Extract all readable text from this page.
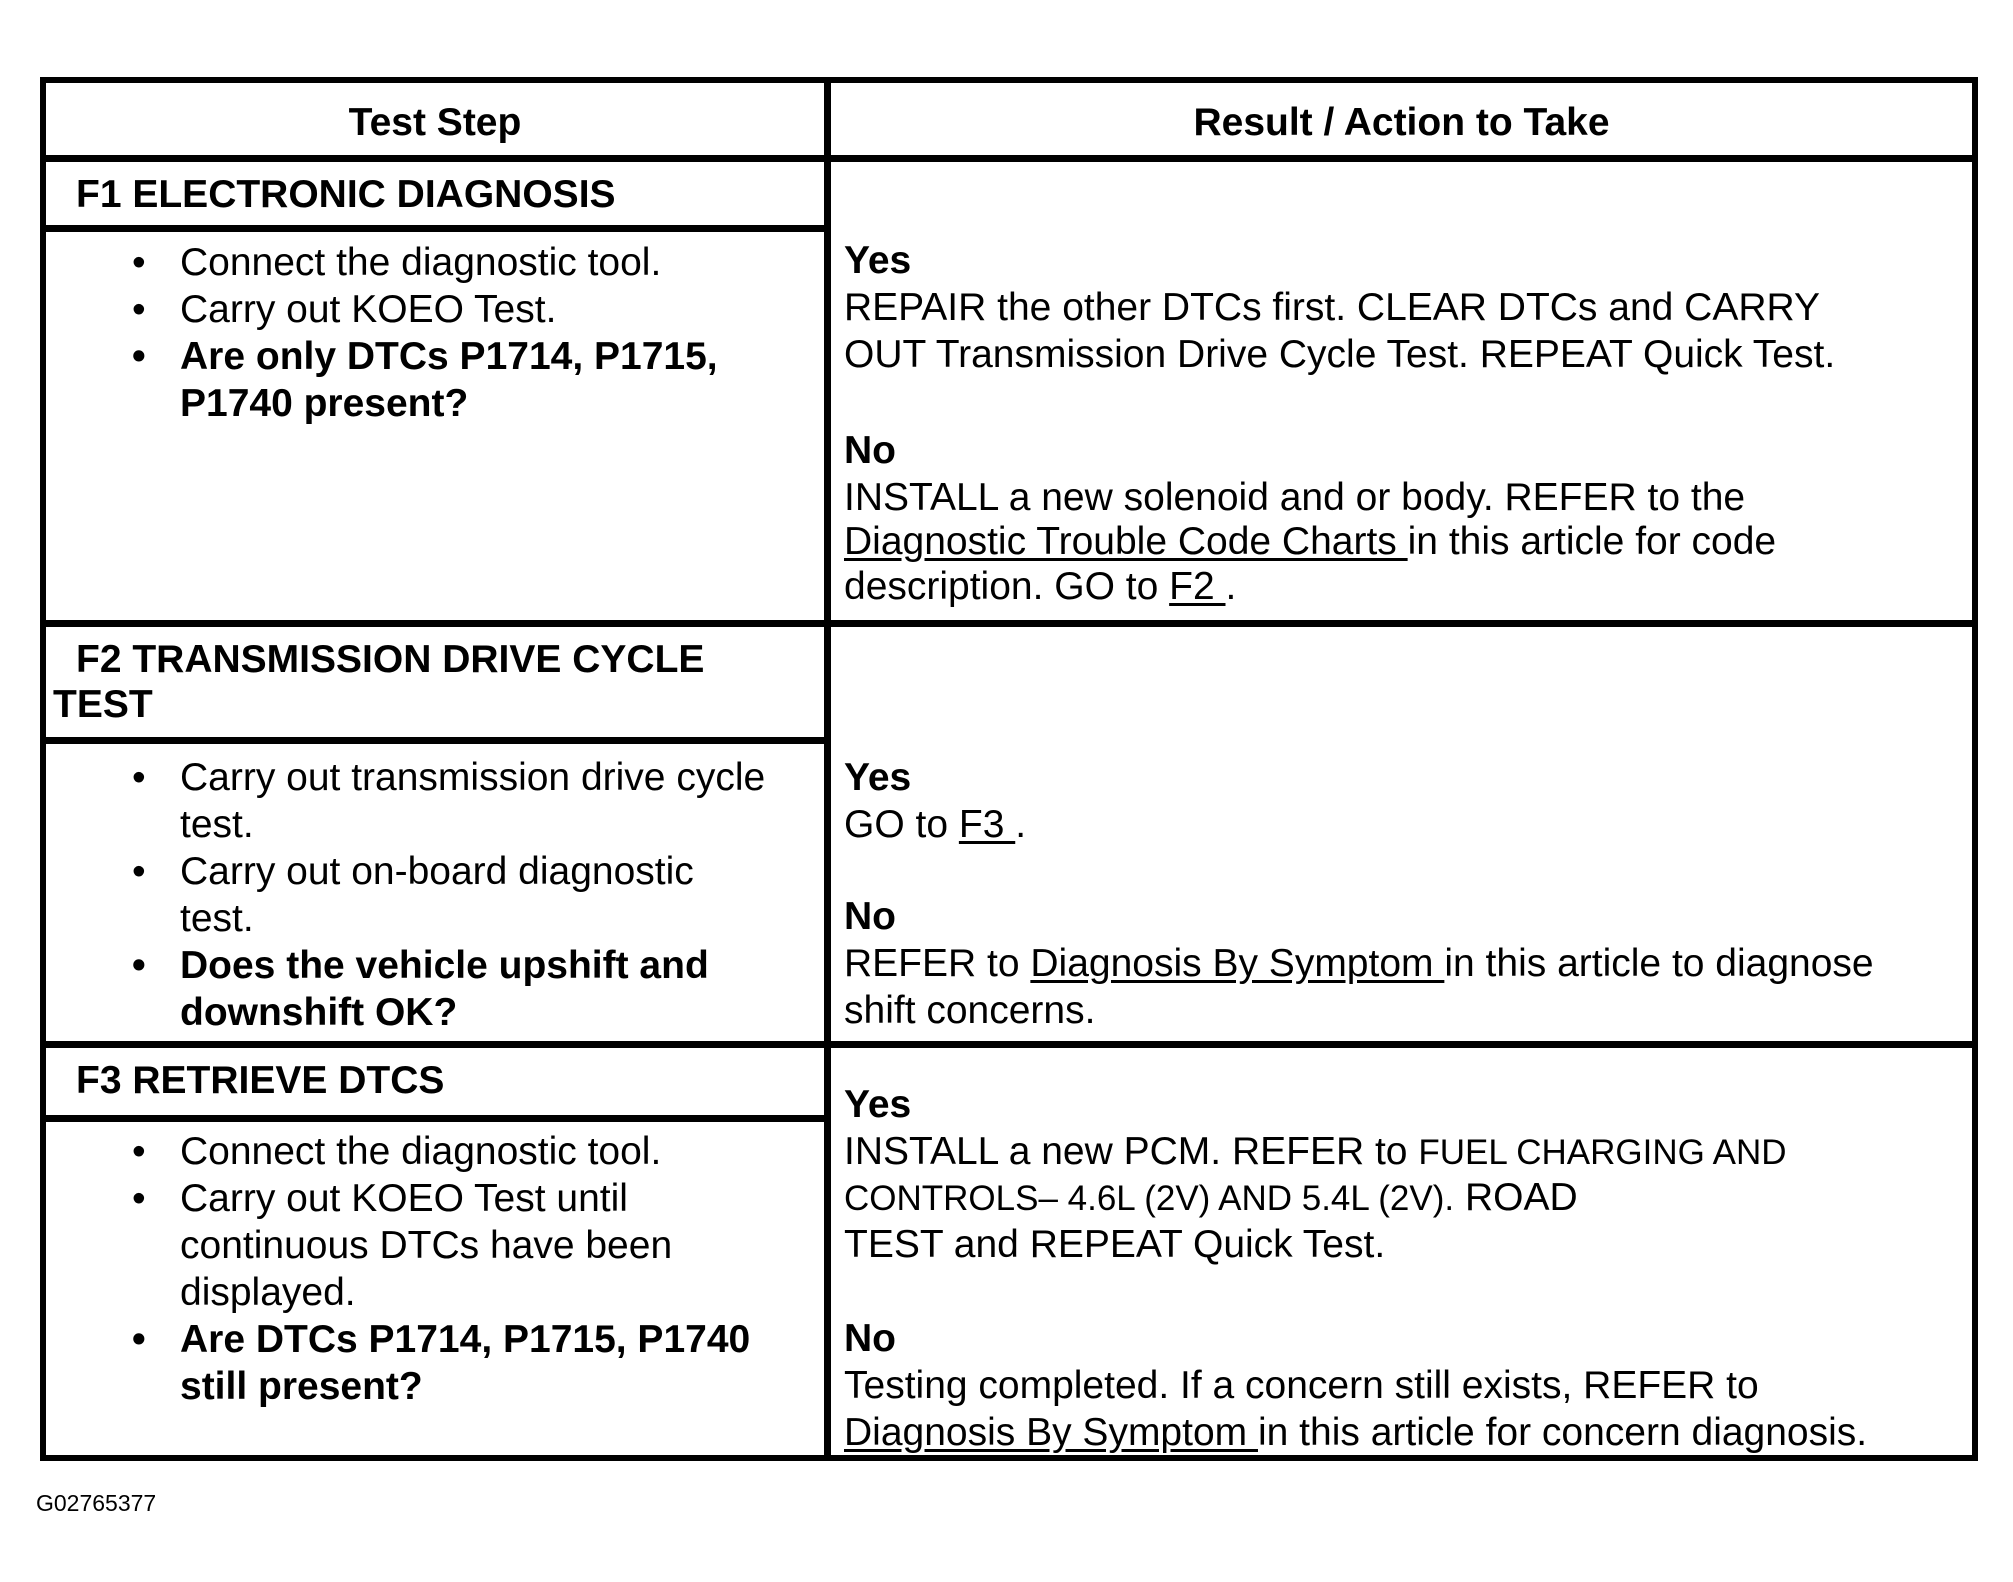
Test Step	Result / Action to Take
F1 ELECTRONIC DIAGNOSIS
• Connect the diagnostic tool.
• Carry out KOEO Test.
• Are only DTCs P1714, P1715,
P1740 present?
Yes
REPAIR the other DTCs first. CLEAR DTCs and CARRY
OUT Transmission Drive Cycle Test. REPEAT Quick Test.
No
INSTALL a new solenoid and or body. REFER to the
Diagnostic Trouble Code Charts in this article for code
description. GO to F2 .
F2 TRANSMISSION DRIVE CYCLE
TEST
• Carry out transmission drive cycle
test.
• Carry out on-board diagnostic
test.
• Does the vehicle upshift and
downshift OK?
Yes
GO to F3 .
No
REFER to Diagnosis By Symptom in this article to diagnose
shift concerns.
F3 RETRIEVE DTCS
• Connect the diagnostic tool.
• Carry out KOEO Test until
continuous DTCs have been
displayed.
• Are DTCs P1714, P1715, P1740
still present?
Yes
INSTALL a new PCM. REFER to FUEL CHARGING AND
CONTROLS– 4.6L (2V) AND 5.4L (2V). ROAD
TEST and REPEAT Quick Test.
No
Testing completed. If a concern still exists, REFER to
Diagnosis By Symptom in this article for concern diagnosis.
G02765377
